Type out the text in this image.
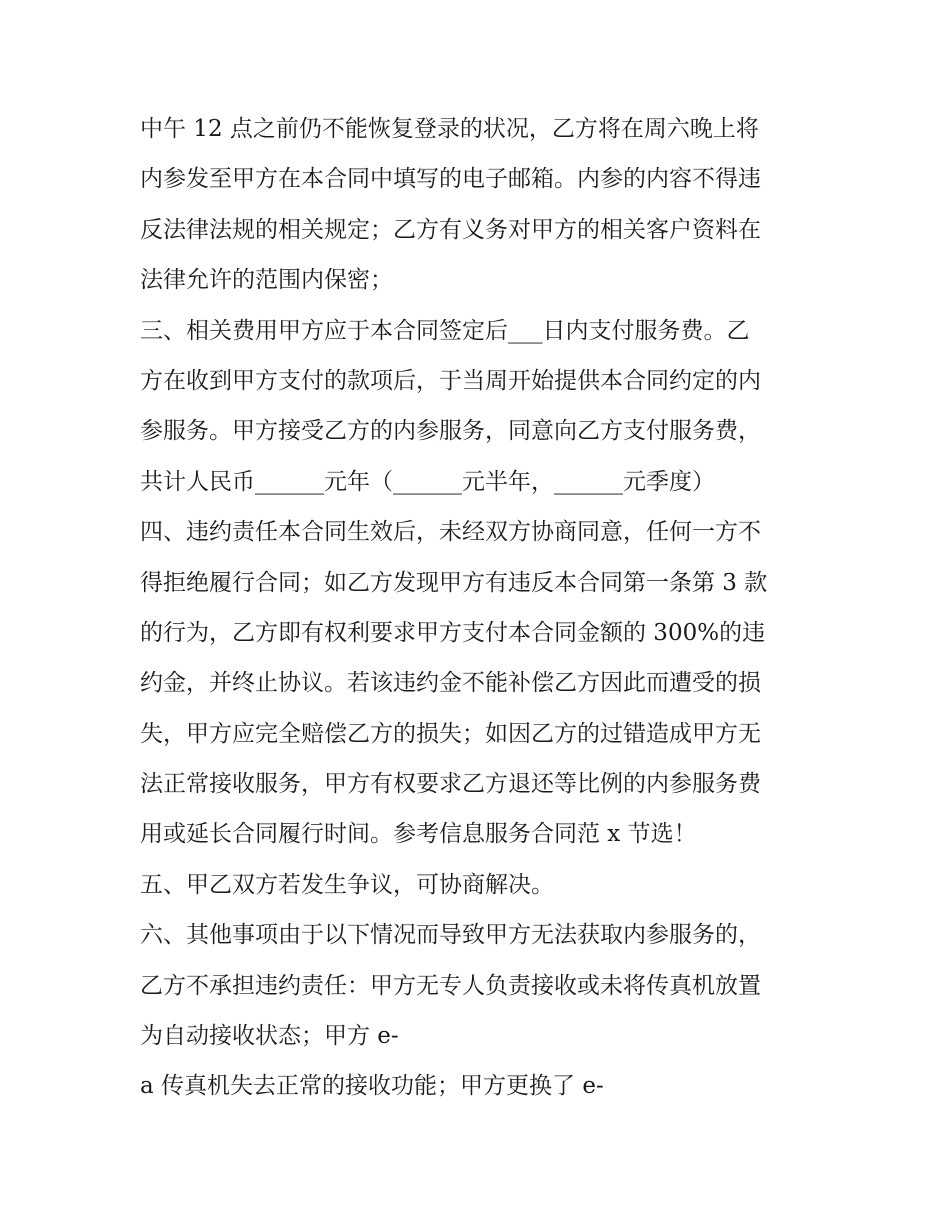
中午 12 点之前仍不能恢复登录的状况，乙方将在周六晚上将
内参发至甲方在本合同中填写的电子邮箱。内参的内容不得违
反法律法规的相关规定；乙方有义务对甲方的相关客户资料在
法律允许的范围内保密；
三、相关费用甲方应于本合同签定后___日内支付服务费。乙
方在收到甲方支付的款项后，于当周开始提供本合同约定的内
参服务。甲方接受乙方的内参服务，同意向乙方支付服务费，
共计人民币______元年（______元半年，______元季度）
四、违约责任本合同生效后，未经双方协商同意，任何一方不
得拒绝履行合同；如乙方发现甲方有违反本合同第一条第 3 款
的行为，乙方即有权利要求甲方支付本合同金额的 300%的违
约金，并终止协议。若该违约金不能补偿乙方因此而遭受的损
失，甲方应完全赔偿乙方的损失；如因乙方的过错造成甲方无
法正常接收服务，甲方有权要求乙方退还等比例的内参服务费
用或延长合同履行时间。参考信息服务合同范 x 节选！
五、甲乙双方若发生争议，可协商解决。
六、其他事项由于以下情况而导致甲方无法获取内参服务的，
乙方不承担违约责任：甲方无专人负责接收或未将传真机放置
为自动接收状态；甲方 e-
a 传真机失去正常的接收功能；甲方更换了 e-
